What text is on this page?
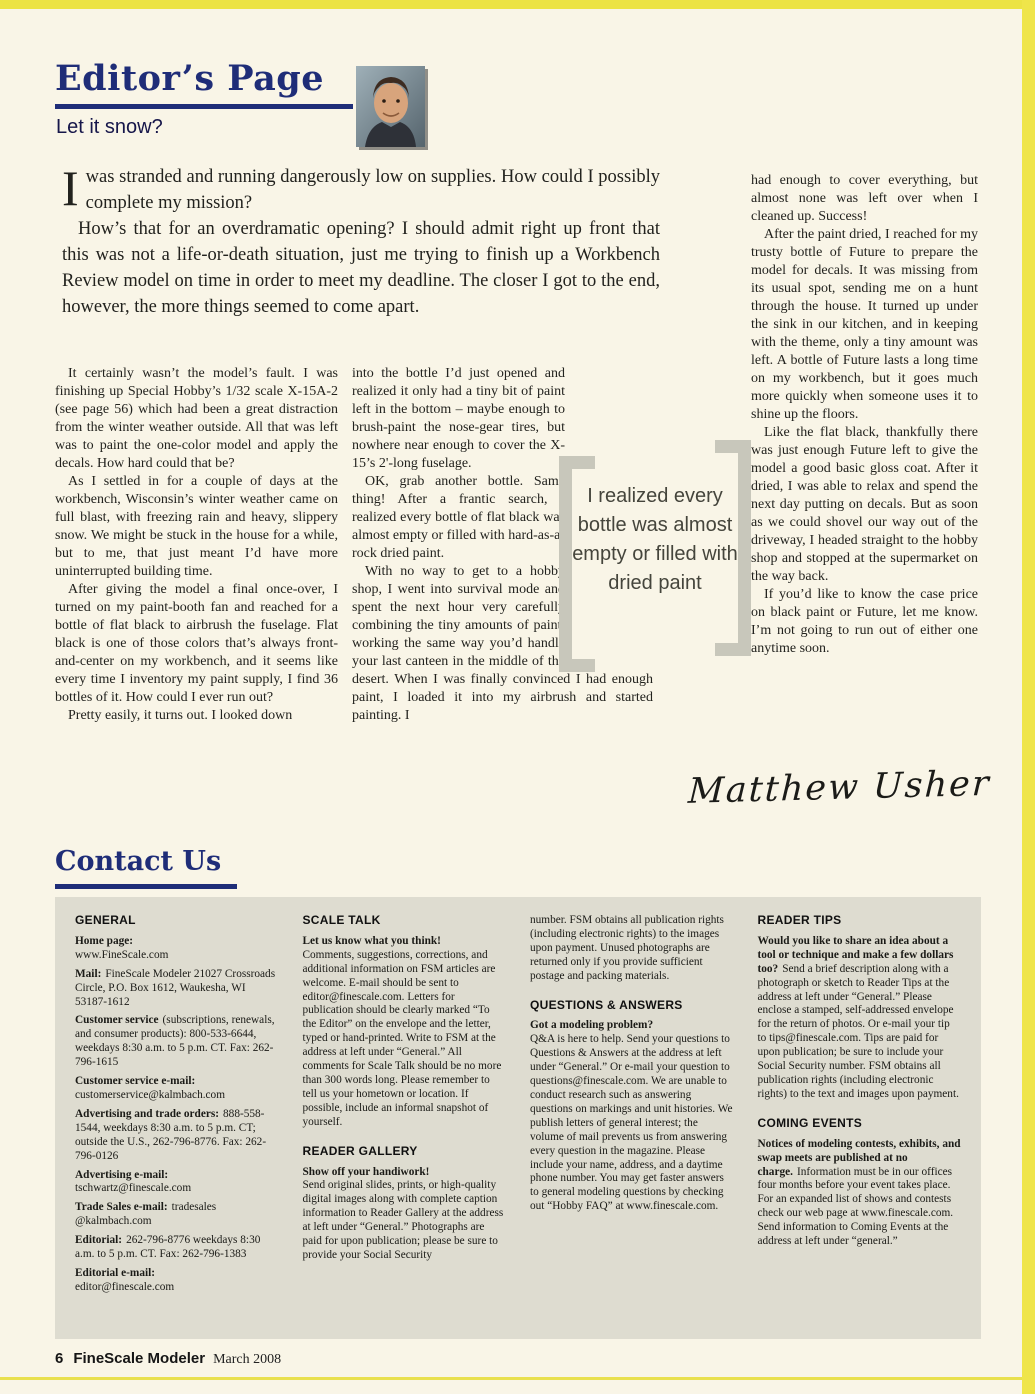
Editor’s Page
Let it snow?

Iwas stranded and running dangerously low on supplies. How could I possibly complete my mission?

How’s that for an overdramatic opening? I should admit right up front that this was not a life-or-death situation, just me trying to finish up a Workbench Review model on time in order to meet my deadline. The closer I got to the end, however, the more things seemed to come apart.

It certainly wasn’t the model’s fault. I was finishing up Special Hobby’s 1/32 scale X-15A-2 (see page 56) which had been a great distraction from the winter weather outside. All that was left was to paint the one-color model and apply the decals. How hard could that be?

As I settled in for a couple of days at the workbench, Wisconsin’s winter weather came on full blast, with freezing rain and heavy, slippery snow. We might be stuck in the house for a while, but to me, that just meant I’d have more uninterrupted building time.

After giving the model a final once-over, I turned on my paint-booth fan and reached for a bottle of flat black to airbrush the fuselage. Flat black is one of those colors that’s always front-and-center on my workbench, and it seems like every time I inventory my paint supply, I find 36 bottles of it. How could I ever run out?

Pretty easily, it turns out. I looked down

into the bottle I’d just opened and realized it only had a tiny bit of paint left in the bottom – maybe enough to brush-paint the nose-gear tires, but nowhere near enough to cover the X-15’s 2'-long fuselage.

OK, grab another bottle. Same thing! After a frantic search, I realized every bottle of flat black was almost empty or filled with hard-as-a-rock dried paint.

With no way to get to a hobby shop, I went into survival mode and spent the next hour very carefully combining the tiny amounts of paint, working the same way you’d handle your last canteen in the middle of the desert. When I was finally convinced I had enough paint, I loaded it into my airbrush and started painting. I

had enough to cover everything, but almost none was left over when I cleaned up. Success!

After the paint dried, I reached for my trusty bottle of Future to prepare the model for decals. It was missing from its usual spot, sending me on a hunt through the house. It turned up under the sink in our kitchen, and in keeping with the theme, only a tiny amount was left. A bottle of Future lasts a long time on my workbench, but it goes much more quickly when someone uses it to shine up the floors.

Like the flat black, thankfully there was just enough Future left to give the model a good basic gloss coat. After it dried, I was able to relax and spend the next day putting on decals. But as soon as we could shovel our way out of the driveway, I headed straight to the hobby shop and stopped at the supermarket on the way back.

If you’d like to know the case price on black paint or Future, let me know. I’m not going to run out of either one anytime soon.

I realized every bottle was almost empty or filled with dried paint
Matthew Usher
Contact Us
GENERAL

Home page:
www.FineScale.com

Mail: FineScale Modeler 21027 Crossroads Circle, P.O. Box 1612, Waukesha, WI 53187-1612

Customer service (subscriptions, renewals, and consumer products): 800-533-6644, weekdays 8:30 a.m. to 5 p.m. CT. Fax: 262-796-1615

Customer service e-mail:
customerservice@kalmbach.com

Advertising and trade orders: 888-558-1544, weekdays 8:30 a.m. to 5 p.m. CT; outside the U.S., 262-796-8776. Fax: 262-796-0126

Advertising e-mail:
tschwartz@finescale.com

Trade Sales e-mail: tradesales @kalmbach.com

Editorial: 262-796-8776 weekdays 8:30 a.m. to 5 p.m. CT. Fax: 262-796-1383

Editorial e-mail:
editor@finescale.com

SCALE TALK

Let us know what you think!
Comments, suggestions, corrections, and additional information on FSM articles are welcome. E-mail should be sent to editor@finescale.com. Letters for publication should be clearly marked “To the Editor” on the envelope and the letter, typed or hand-printed. Write to FSM at the address at left under “General.” All comments for Scale Talk should be no more than 300 words long. Please remember to tell us your hometown or location. If possible, include an informal snapshot of yourself.

READER GALLERY

Show off your handiwork!
Send original slides, prints, or high-quality digital images along with complete caption information to Reader Gallery at the address at left under “General.” Photographs are paid for upon publication; please be sure to provide your Social Security

number. FSM obtains all publication rights (including electronic rights) to the images upon payment. Unused photographs are returned only if you provide sufficient postage and packing materials.

QUESTIONS & ANSWERS

Got a modeling problem?
Q&A is here to help. Send your questions to Questions & Answers at the address at left under “General.” Or e-mail your question to questions@finescale.com. We are unable to conduct research such as answering questions on markings and unit histories. We publish letters of general interest; the volume of mail prevents us from answering every question in the magazine. Please include your name, address, and a daytime phone number. You may get faster answers to general modeling questions by checking out “Hobby FAQ” at www.finescale.com.

READER TIPS

Would you like to share an idea about a tool or technique and make a few dollars too? Send a brief description along with a photograph or sketch to Reader Tips at the address at left under “General.” Please enclose a stamped, self-addressed envelope for the return of photos. Or e-mail your tip to tips@finescale.com. Tips are paid for upon publication; be sure to include your Social Security number. FSM obtains all publication rights (including electronic rights) to the text and images upon payment.

COMING EVENTS

Notices of modeling contests, exhibits, and swap meets are published at no charge. Information must be in our offices four months before your event takes place. For an expanded list of shows and contests check our web page at www.finescale.com. Send information to Coming Events at the address at left under “general.”

6 FineScale Modeler March 2008
